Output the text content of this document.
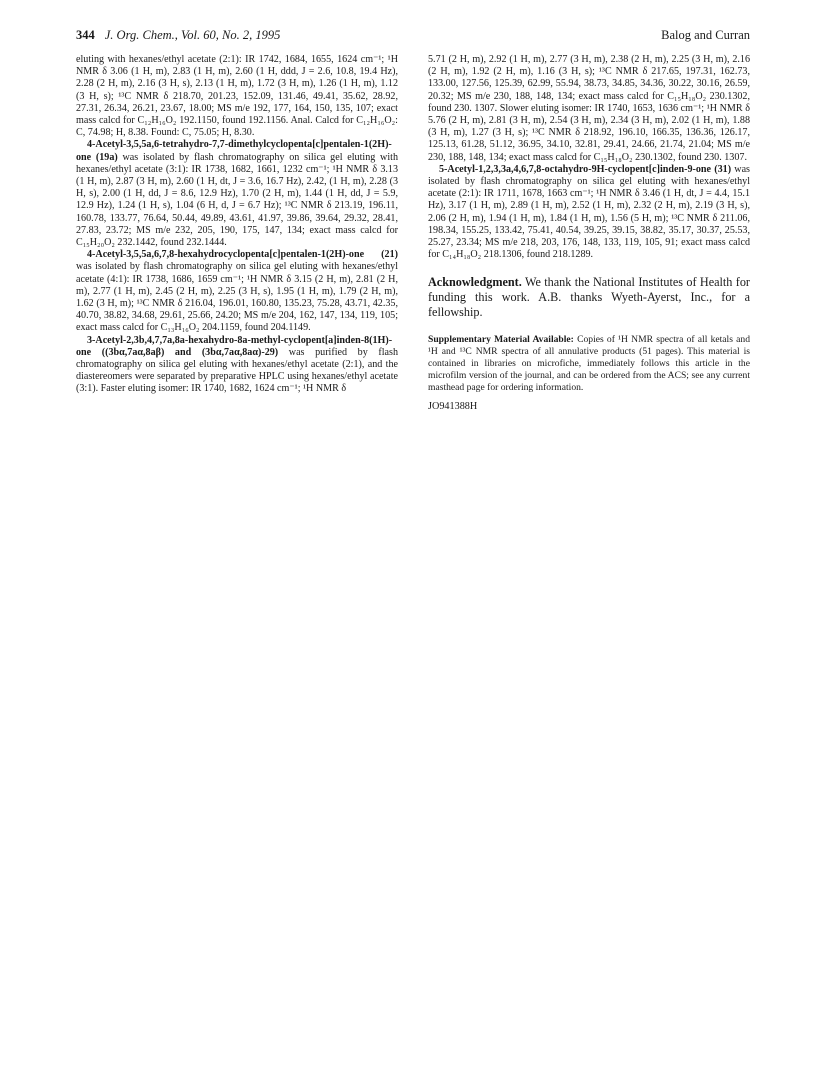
344 J. Org. Chem., Vol. 60, No. 2, 1995	Balog and Curran

eluting with hexanes/ethyl acetate (2:1): IR 1742, 1684, 1655, 1624 cm⁻¹; ¹H NMR δ 3.06 (1 H, m), 2.83 (1 H, m), 2.60 (1 H, ddd, J = 2.6, 10.8, 19.4 Hz), 2.28 (2 H, m), 2.16 (3 H, s), 2.13 (1 H, m), 1.72 (3 H, m), 1.26 (1 H, m), 1.12 (3 H, s); ¹³C NMR δ 218.70, 201.23, 152.09, 131.46, 49.41, 35.62, 28.92, 27.31, 26.34, 26.21, 23.67, 18.00; MS m/e 192, 177, 164, 150, 135, 107; exact mass calcd for C₁₂H₁₆O₂ 192.1150, found 192.1156. Anal. Calcd for C₁₂H₁₆O₂: C, 74.98; H, 8.38. Found: C, 75.05; H, 8.30.

4-Acetyl-3,5,5a,6-tetrahydro-7,7-dimethylcyclopenta[c]pentalen-1(2H)-one (19a) was isolated by flash chromatography on silica gel eluting with hexanes/ethyl acetate (3:1): IR 1738, 1682, 1661, 1232 cm⁻¹; ¹H NMR δ 3.13 (1 H, m), 2.87 (3 H, m), 2.60 (1 H, dt, J = 3.6, 16.7 Hz), 2.42, (1 H, m), 2.28 (3 H, s), 2.00 (1 H, dd, J = 8.6, 12.9 Hz), 1.70 (2 H, m), 1.44 (1 H, dd, J = 5.9, 12.9 Hz), 1.24 (1 H, s), 1.04 (6 H, d, J = 6.7 Hz); ¹³C NMR δ 213.19, 196.11, 160.78, 133.77, 76.64, 50.44, 49.89, 43.61, 41.97, 39.86, 39.64, 29.32, 28.41, 27.83, 23.72; MS m/e 232, 205, 190, 175, 147, 134; exact mass calcd for C₁₅H₂₀O₂ 232.1442, found 232.1444.

4-Acetyl-3,5,5a,6,7,8-hexahydrocyclopenta[c]pentalen-1(2H)-one (21) was isolated by flash chromatography on silica gel eluting with hexanes/ethyl acetate (4:1): IR 1738, 1686, 1659 cm⁻¹; ¹H NMR δ 3.15 (2 H, m), 2.81 (2 H, m), 2.77 (1 H, m), 2.45 (2 H, m), 2.25 (3 H, s), 1.95 (1 H, m), 1.79 (2 H, m), 1.62 (3 H, m); ¹³C NMR δ 216.04, 196.01, 160.80, 135.23, 75.28, 43.71, 42.35, 40.70, 38.82, 34.68, 29.61, 25.66, 24.20; MS m/e 204, 162, 147, 134, 119, 105; exact mass calcd for C₁₃H₁₆O₂ 204.1159, found 204.1149.

3-Acetyl-2,3b,4,7,7a,8a-hexahydro-8a-methyl-cyclopent[a]inden-8(1H)-one ((3bα,7aα,8aβ) and (3bα,7aα,8aα)-29) was purified by flash chromatography on silica gel eluting with hexanes/ethyl acetate (2:1), and the diastereomers were separated by preparative HPLC using hexanes/ethyl acetate (3:1). Faster eluting isomer: IR 1740, 1682, 1624 cm⁻¹; ¹H NMR δ

5.71 (2 H, m), 2.92 (1 H, m), 2.77 (3 H, m), 2.38 (2 H, m), 2.25 (3 H, m), 2.16 (2 H, m), 1.92 (2 H, m), 1.16 (3 H, s); ¹³C NMR δ 217.65, 197.31, 162.73, 133.00, 127.56, 125.39, 62.99, 55.94, 38.73, 34.85, 34.36, 30.22, 30.16, 26.59, 20.32; MS m/e 230, 188, 148, 134; exact mass calcd for C₁₅H₁₈O₂ 230.1302, found 230. 1307. Slower eluting isomer: IR 1740, 1653, 1636 cm⁻¹; ¹H NMR δ 5.76 (2 H, m), 2.81 (3 H, m), 2.54 (3 H, m), 2.34 (3 H, m), 2.02 (1 H, m), 1.88 (3 H, m), 1.27 (3 H, s); ¹³C NMR δ 218.92, 196.10, 166.35, 136.36, 126.17, 125.13, 61.28, 51.12, 36.95, 34.10, 32.81, 29.41, 24.66, 21.74, 21.04; MS m/e 230, 188, 148, 134; exact mass calcd for C₁₅H₁₈O₂ 230.1302, found 230. 1307.

5-Acetyl-1,2,3,3a,4,6,7,8-octahydro-9H-cyclopent[c]inden-9-one (31) was isolated by flash chromatography on silica gel eluting with hexanes/ethyl acetate (2:1): IR 1711, 1678, 1663 cm⁻¹; ¹H NMR δ 3.46 (1 H, dt, J = 4.4, 15.1 Hz), 3.17 (1 H, m), 2.89 (1 H, m), 2.52 (1 H, m), 2.32 (2 H, m), 2.19 (3 H, s), 2.06 (2 H, m), 1.94 (1 H, m), 1.84 (1 H, m), 1.56 (5 H, m); ¹³C NMR δ 211.06, 198.34, 155.25, 133.42, 75.41, 40.54, 39.25, 39.15, 38.82, 35.17, 30.37, 25.53, 25.27, 23.34; MS m/e 218, 203, 176, 148, 133, 119, 105, 91; exact mass calcd for C₁₄H₁₈O₂ 218.1306, found 218.1289.

Acknowledgment. We thank the National Institutes of Health for funding this work. A.B. thanks Wyeth-Ayerst, Inc., for a fellowship.

Supplementary Material Available: Copies of ¹H NMR spectra of all ketals and ¹H and ¹³C NMR spectra of all annulative products (51 pages). This material is contained in libraries on microfiche, immediately follows this article in the microfilm version of the journal, and can be ordered from the ACS; see any current masthead page for ordering information.

JO941388H
